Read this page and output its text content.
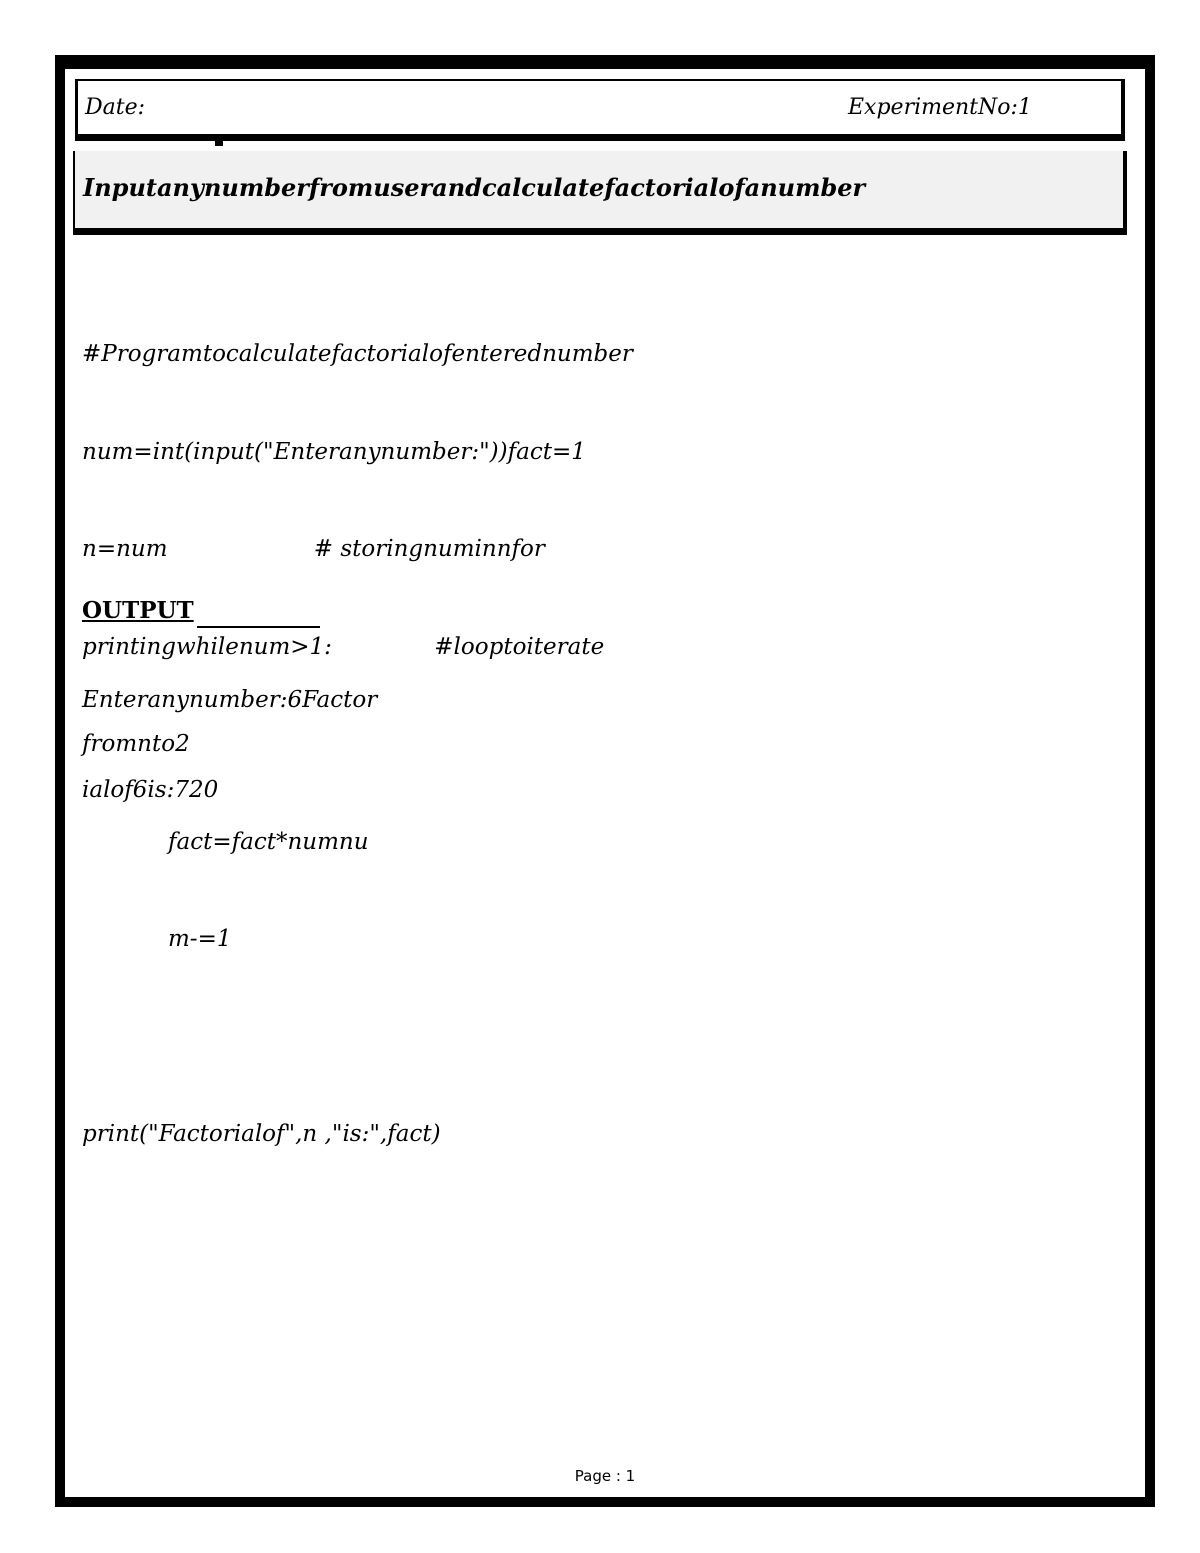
Date:	ExperimentNo:1
Inputanynumberfromuserandcalculatefactorialofanumber

#Programtocalculatefactorialofenterednumber

num=int(input("Enteranynumber:"))fact=1

n=num                    # storingnuminnfor

printingwhilenum>1:              #looptoiterate

fromnto2

fact=fact*numnu

m-=1

print("Factorialof",n ,"is:",fact)

OUTPUT

Enteranynumber:6Factor

ialof6is:720

Page : 1
